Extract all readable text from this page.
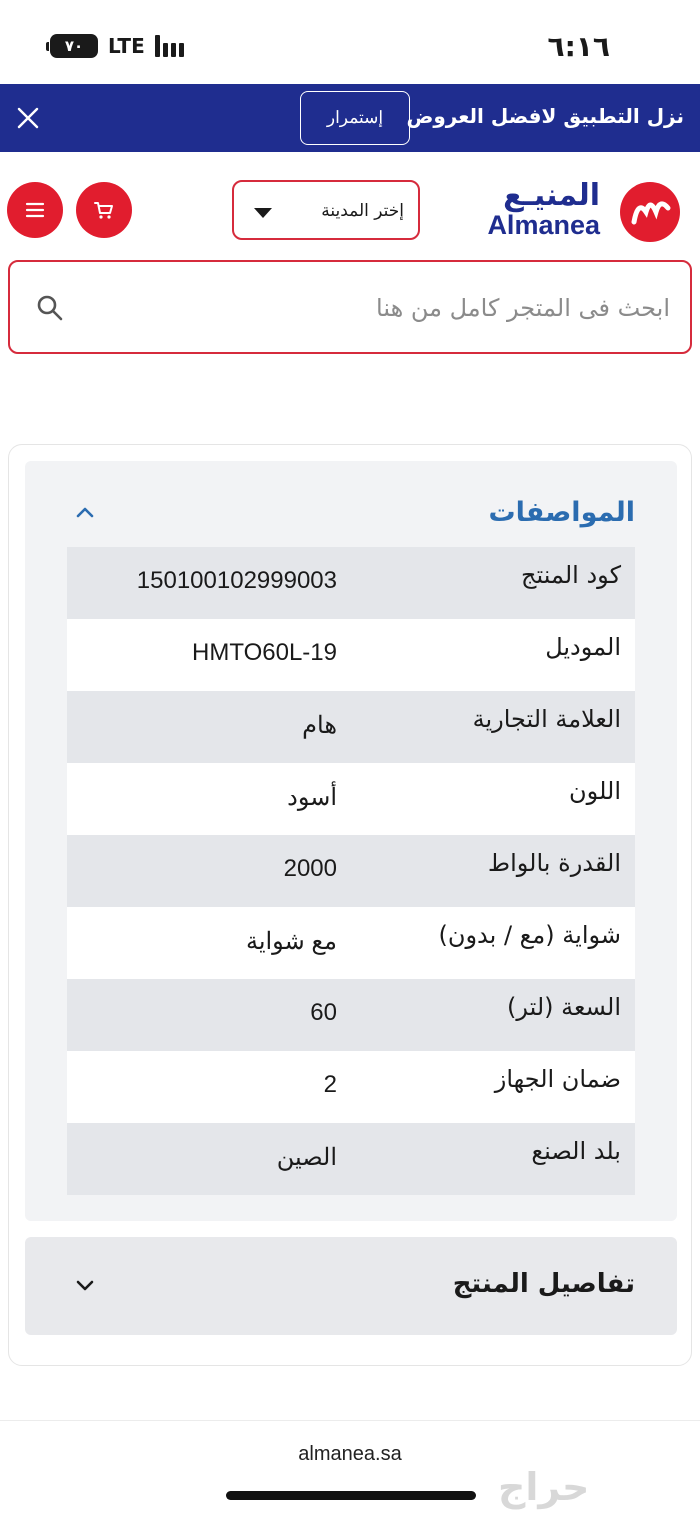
٧٠	LTE	٦:١٦
نزل التطبيق لافضل العروض
إستمرار
المنيـع
Almanea
إختر المدينة
ابحث فى المتجر كامل من هنا
المواصفات
كود المنتج
150100102999003
الموديل
HMTO60L-19
العلامة التجارية
هام
اللون
أسود
القدرة بالواط
2000
شواية (مع / بدون)
مع شواية
السعة (لتر)
60
ضمان الجهاز
2
بلد الصنع
الصين
تفاصيل المنتج
almanea.sa
حراج
